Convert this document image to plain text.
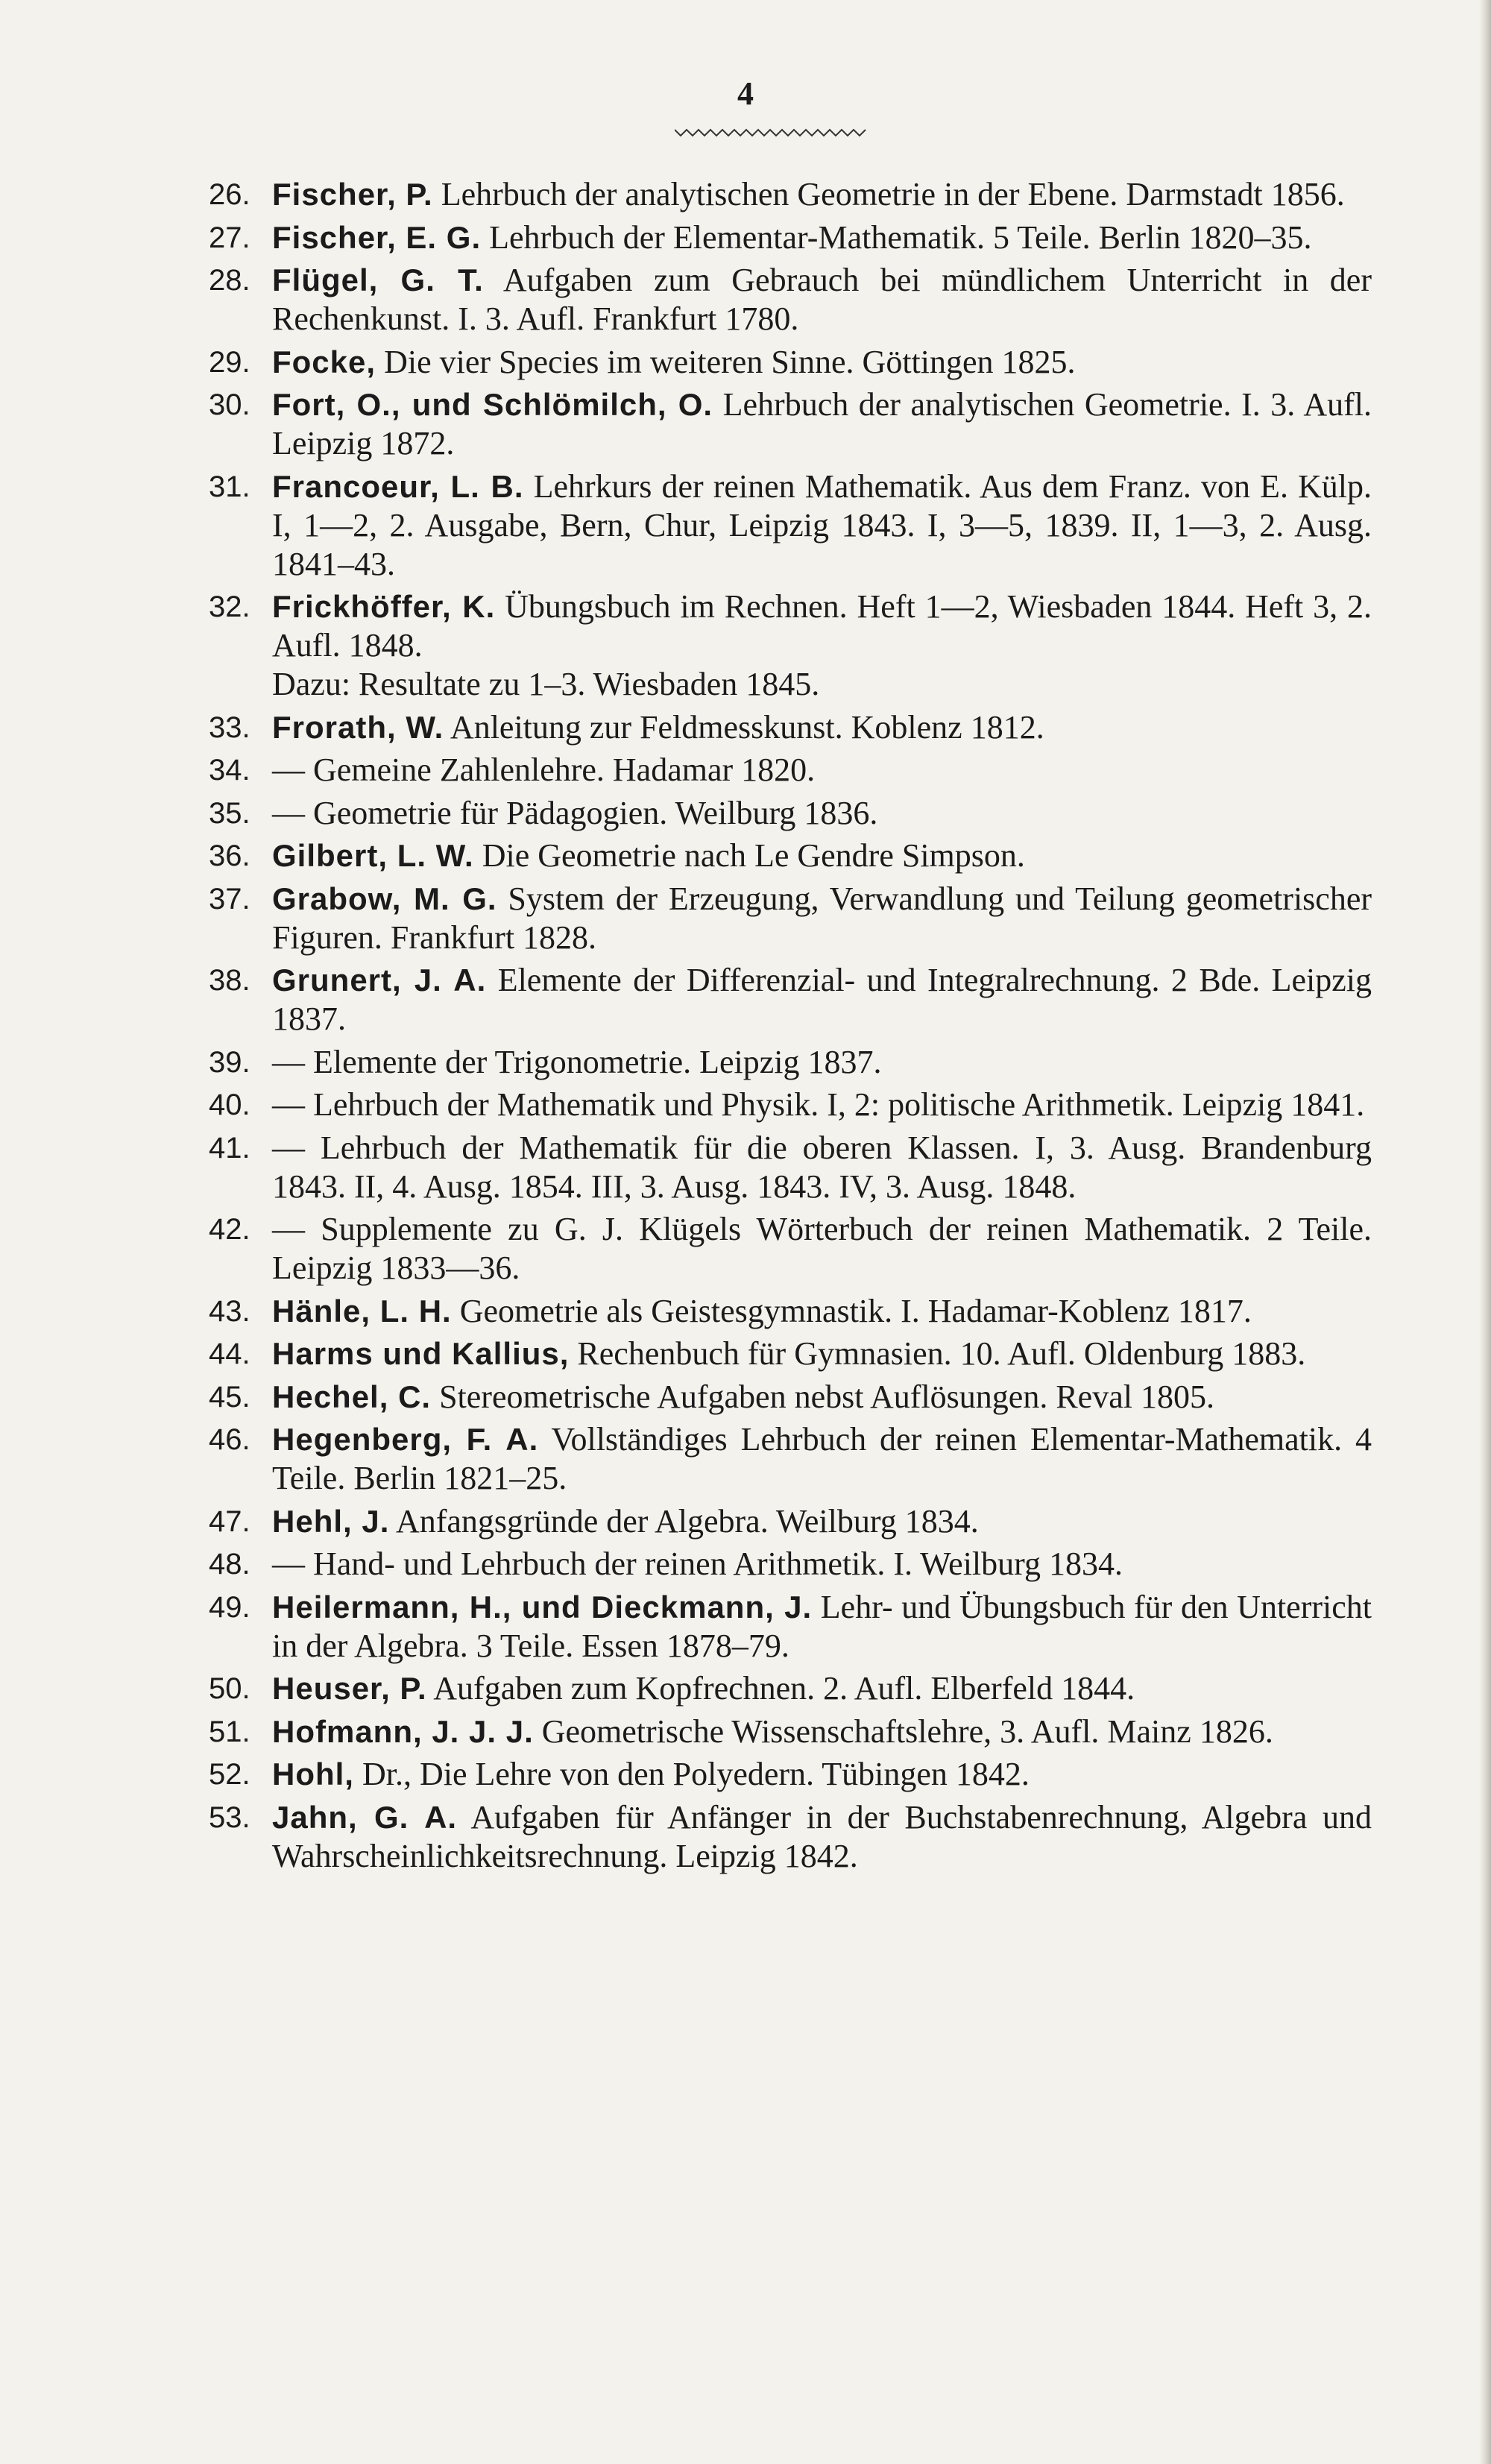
4
26. Fischer, P. Lehrbuch der analytischen Geometrie in der Ebene. Darmstadt 1856.
27. Fischer, E. G. Lehrbuch der Elementar-Mathematik. 5 Teile. Berlin 1820–35.
28. Flügel, G. T. Aufgaben zum Gebrauch bei mündlichem Unterricht in der Rechenkunst. I. 3. Aufl. Frankfurt 1780.
29. Focke, Die vier Species im weiteren Sinne. Göttingen 1825.
30. Fort, O., und Schlömilch, O. Lehrbuch der analytischen Geometrie. I. 3. Aufl. Leipzig 1872.
31. Francoeur, L. B. Lehrkurs der reinen Mathematik. Aus dem Franz. von E. Külp. I, 1—2, 2. Ausgabe, Bern, Chur, Leipzig 1843. I, 3—5, 1839. II, 1—3, 2. Ausg. 1841–43.
32. Frickhöffer, K. Übungsbuch im Rechnen. Heft 1—2, Wiesbaden 1844. Heft 3, 2. Aufl. 1848.
Dazu: Resultate zu 1–3. Wiesbaden 1845.
33. Frorath, W. Anleitung zur Feldmesskunst. Koblenz 1812.
34. — Gemeine Zahlenlehre. Hadamar 1820.
35. — Geometrie für Pädagogien. Weilburg 1836.
36. Gilbert, L. W. Die Geometrie nach Le Gendre Simpson.
37. Grabow, M. G. System der Erzeugung, Verwandlung und Teilung geometrischer Figuren. Frankfurt 1828.
38. Grunert, J. A. Elemente der Differenzial- und Integralrechnung. 2 Bde. Leipzig 1837.
39. — Elemente der Trigonometrie. Leipzig 1837.
40. — Lehrbuch der Mathematik und Physik. I, 2: politische Arithmetik. Leipzig 1841.
41. — Lehrbuch der Mathematik für die oberen Klassen. I, 3. Ausg. Brandenburg 1843. II, 4. Ausg. 1854. III, 3. Ausg. 1843. IV, 3. Ausg. 1848.
42. — Supplemente zu G. J. Klügels Wörterbuch der reinen Mathematik. 2 Teile. Leipzig 1833—36.
43. Hänle, L. H. Geometrie als Geistesgymnastik. I. Hadamar-Koblenz 1817.
44. Harms und Kallius, Rechenbuch für Gymnasien. 10. Aufl. Oldenburg 1883.
45. Hechel, C. Stereometrische Aufgaben nebst Auflösungen. Reval 1805.
46. Hegenberg, F. A. Vollständiges Lehrbuch der reinen Elementar-Mathematik. 4 Teile. Berlin 1821–25.
47. Hehl, J. Anfangsgründe der Algebra. Weilburg 1834.
48. — Hand- und Lehrbuch der reinen Arithmetik. I. Weilburg 1834.
49. Heilermann, H., und Dieckmann, J. Lehr- und Übungsbuch für den Unterricht in der Algebra. 3 Teile. Essen 1878–79.
50. Heuser, P. Aufgaben zum Kopfrechnen. 2. Aufl. Elberfeld 1844.
51. Hofmann, J. J. J. Geometrische Wissenschaftslehre, 3. Aufl. Mainz 1826.
52. Hohl, Dr., Die Lehre von den Polyedern. Tübingen 1842.
53. Jahn, G. A. Aufgaben für Anfänger in der Buchstabenrechnung, Algebra und Wahrscheinlichkeitsrechnung. Leipzig 1842.
